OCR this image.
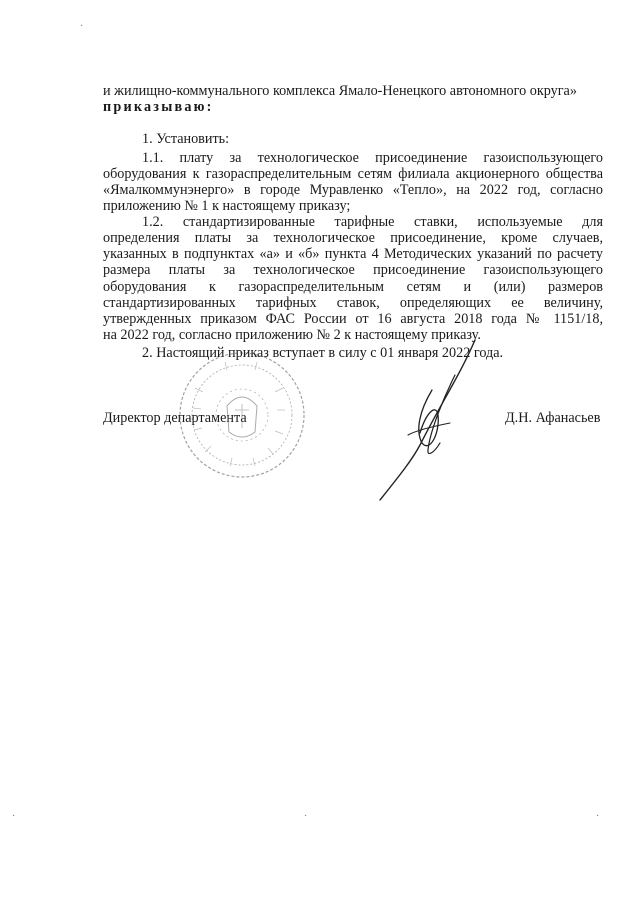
и жилищно-коммунального комплекса Ямало-Ненецкого автономного округа»
приказываю:
1. Установить:
1.1. плату за технологическое присоединение газоиспользующего
оборудования к газораспределительным сетям филиала акционерного общества
«Ямалкоммунэнерго» в городе Муравленко «Тепло», на 2022 год, согласно
приложению № 1 к настоящему приказу;
1.2. стандартизированные тарифные ставки, используемые для
определения платы за технологическое присоединение, кроме случаев,
указанных в подпунктах «а» и «б» пункта 4 Методических указаний по расчету
размера платы за технологическое присоединение газоиспользующего
оборудования к газораспределительным сетям и (или) размеров
стандартизированных тарифных ставок, определяющих ее величину,
утвержденных приказом ФАС России от 16 августа 2018 года № 1151/18,
на 2022 год, согласно приложению № 2 к настоящему приказу.
2. Настоящий приказ вступает в силу с 01 января 2022 года.
Директор департамента	Д.Н. Афанасьев
·
·	·	·
